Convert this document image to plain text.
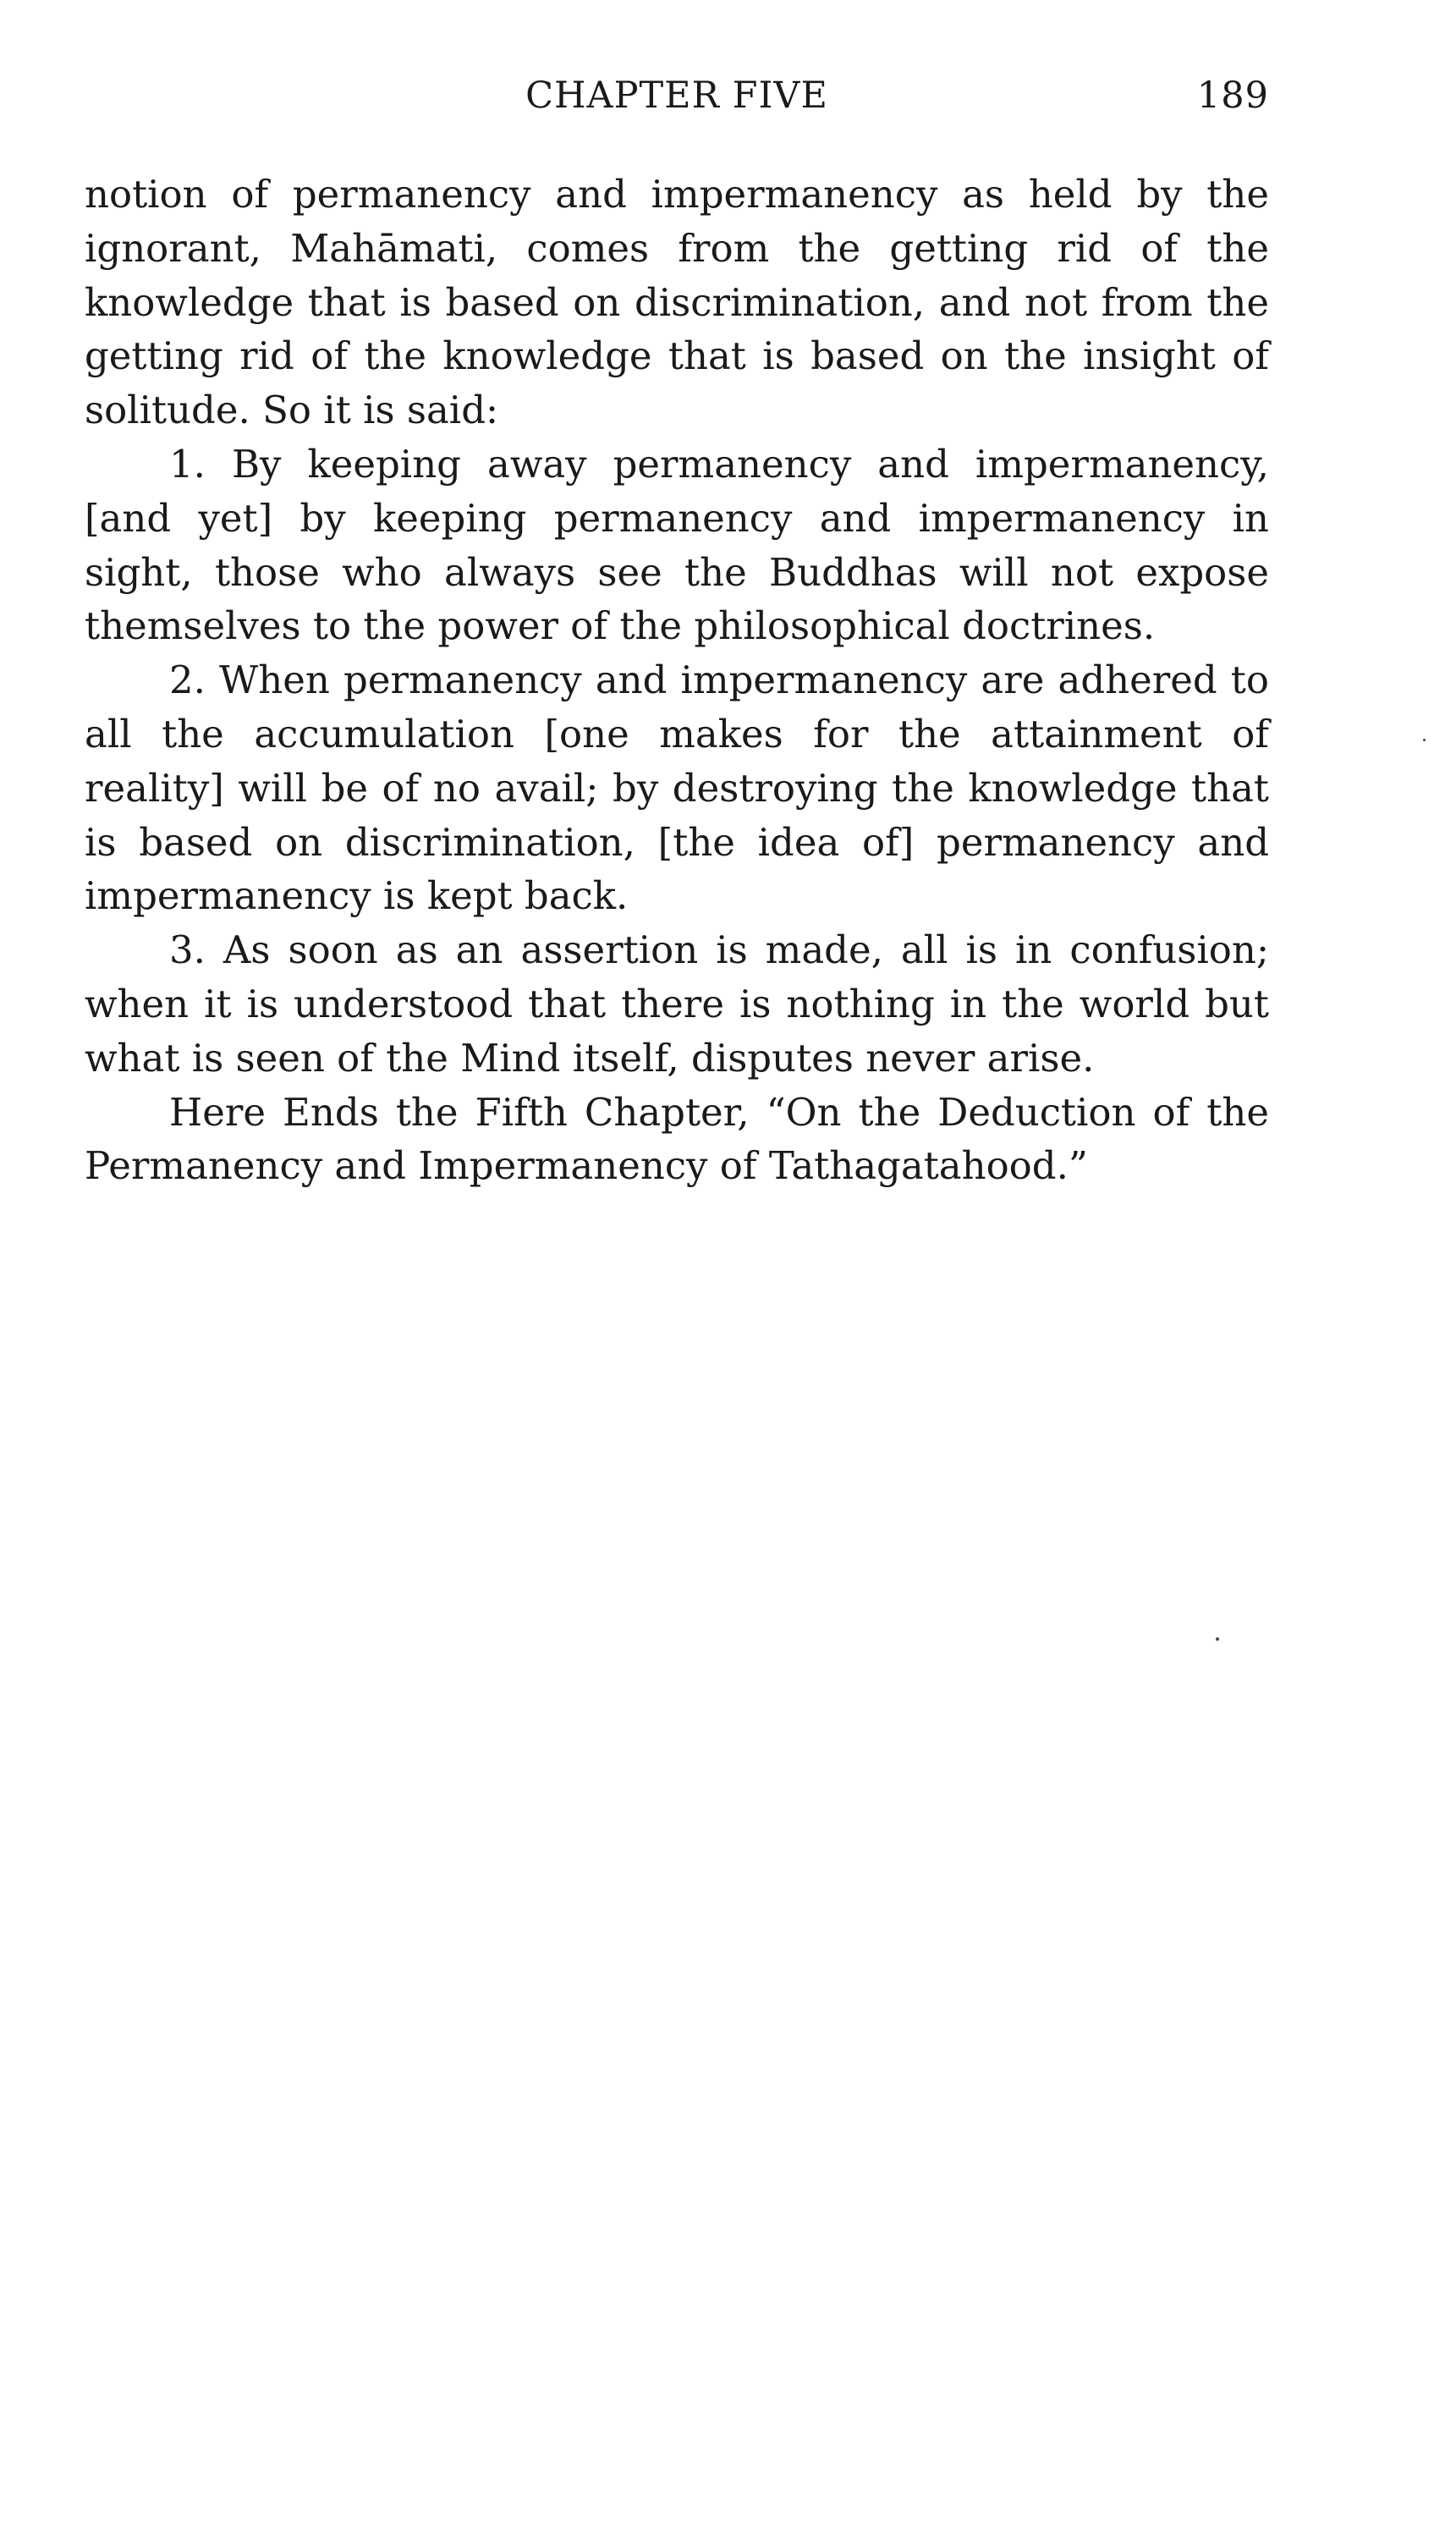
CHAPTER FIVE	189

notion of permanency and impermanency as held by the ignorant, Mahāmati, comes from the getting rid of the knowledge that is based on discrimination, and not from the getting rid of the knowledge that is based on the insight of solitude. So it is said:

1. By keeping away permanency and impermanency, [and yet] by keeping permanency and impermanency in sight, those who always see the Buddhas will not expose themselves to the power of the philosophical doctrines.

2. When permanency and impermanency are adhered to all the accumulation [one makes for the attainment of reality] will be of no avail; by destroying the knowledge that is based on discrimination, [the idea of] permanency and impermanency is kept back.

3. As soon as an assertion is made, all is in confusion; when it is understood that there is nothing in the world but what is seen of the Mind itself, disputes never arise.

Here Ends the Fifth Chapter, “On the Deduction of the Permanency and Impermanency of Tathagatahood.”
